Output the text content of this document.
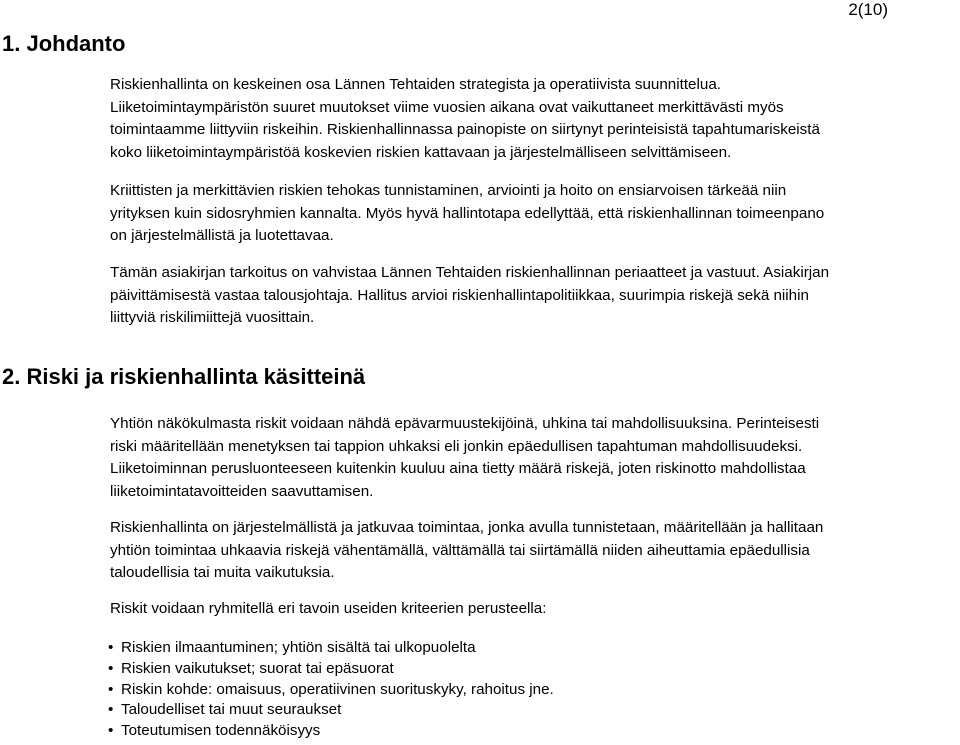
2(10)
1. Johdanto

Riskienhallinta on keskeinen osa Lännen Tehtaiden strategista ja operatiivista suunnittelua.
Liiketoimintaympäristön suuret muutokset viime vuosien aikana ovat vaikuttaneet merkittävästi myös
toimintaamme liittyviin riskeihin. Riskienhallinnassa painopiste on siirtynyt perinteisistä tapahtumariskeistä
koko liiketoimintaympäristöä koskevien riskien kattavaan ja järjestelmälliseen selvittämiseen.

Kriittisten ja merkittävien riskien tehokas tunnistaminen, arviointi ja hoito on ensiarvoisen tärkeää niin
yrityksen kuin sidosryhmien kannalta. Myös hyvä hallintotapa edellyttää, että riskienhallinnan toimeenpano
on järjestelmällistä ja luotettavaa.

Tämän asiakirjan tarkoitus on vahvistaa Lännen Tehtaiden riskienhallinnan periaatteet ja vastuut. Asiakirjan
päivittämisestä vastaa talousjohtaja. Hallitus arvioi riskienhallintapolitiikkaa, suurimpia riskejä sekä niihin
liittyviä riskilimiittejä vuosittain.

2. Riski ja riskienhallinta käsitteinä

Yhtiön näkökulmasta riskit voidaan nähdä epävarmuustekijöinä, uhkina tai mahdollisuuksina. Perinteisesti
riski määritellään menetyksen tai tappion uhkaksi eli jonkin epäedullisen tapahtuman mahdollisuudeksi.
Liiketoiminnan perusluonteeseen kuitenkin kuuluu aina tietty määrä riskejä, joten riskinotto mahdollistaa
liiketoimintatavoitteiden saavuttamisen.

Riskienhallinta on järjestelmällistä ja jatkuvaa toimintaa, jonka avulla tunnistetaan, määritellään ja hallitaan
yhtiön toimintaa uhkaavia riskejä vähentämällä, välttämällä tai siirtämällä niiden aiheuttamia epäedullisia
taloudellisia tai muita vaikutuksia.

Riskit voidaan ryhmitellä eri tavoin useiden kriteerien perusteella:

• Riskien ilmaantuminen; yhtiön sisältä tai ulkopuolelta
• Riskien vaikutukset; suorat tai epäsuorat
• Riskin kohde: omaisuus, operatiivinen suorituskyky, rahoitus jne.
• Taloudelliset tai muut seuraukset
• Toteutumisen todennäköisyys
